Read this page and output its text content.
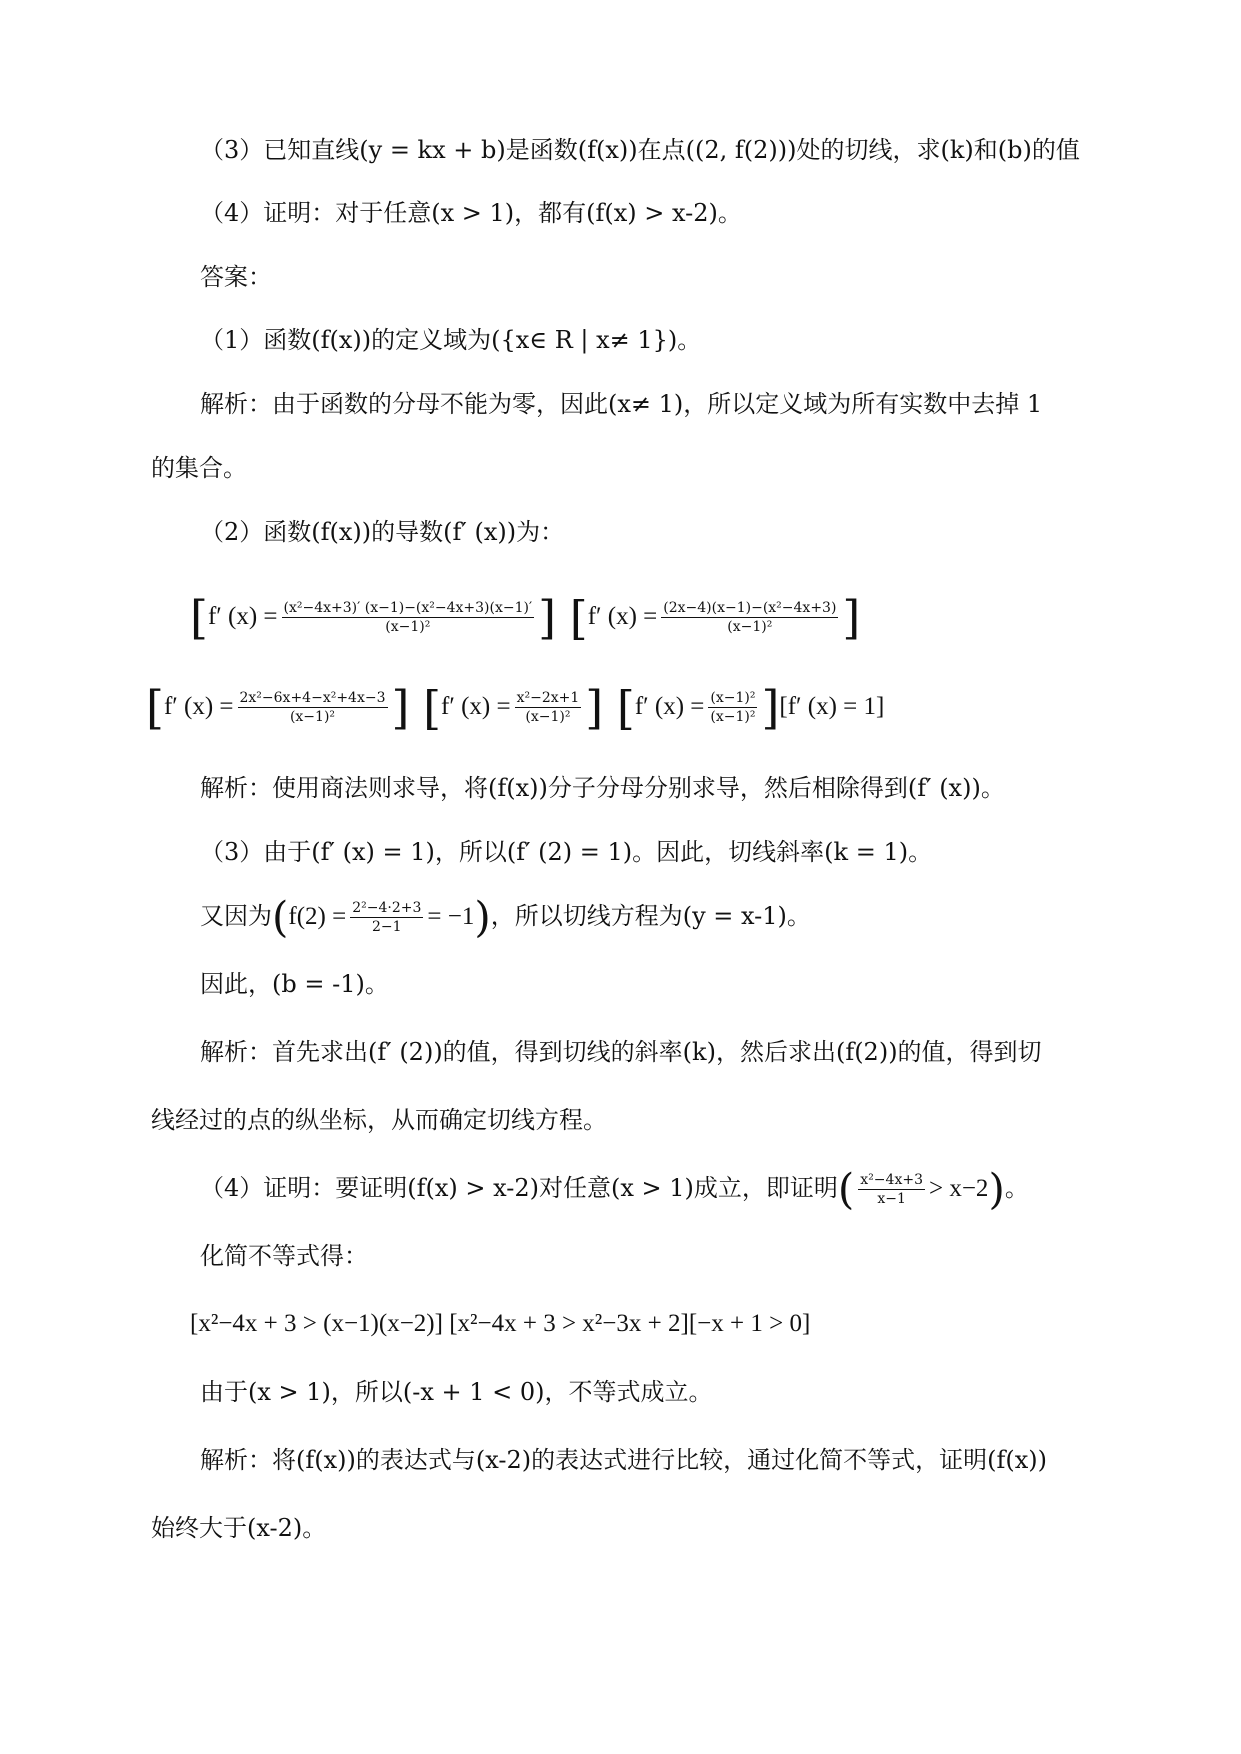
（3）已知直线(y = kx + b)是函数(f(x))在点((2, f(2)))处的切线，求(k)和(b)的值
（4）证明：对于任意(x > 1)，都有(f(x) > x-2)。
答案：
（1）函数(f(x))的定义域为({x∈ R | x≠ 1})。
解析：由于函数的分母不能为零，因此(x≠ 1)，所以定义域为所有实数中去掉 1
的集合。
（2）函数(f(x))的导数(f′ (x))为：
[f′ $(x) = \frac{\text{(x²−4x+3)′ (x−1)−(x²−4x+3)(x−1)′}}{\text{(x−1)²}}$ ] [f′ $(x) = \frac{\text{(2x−4)(x−1)−(x²−4x+3)}}{\text{(x−1)²}}$ ]
[f′ $(x) = \frac{\text{2x²−6x+4−x²+4x−3}}{\text{(x−1)²}}$ ] [f′ $(x) = \frac{\text{x²−2x+1}}{\text{(x−1)²}}$ ] [f′ $(x) = \frac{\text{(x−1)²}}{\text{(x−1)²}} ][f'$ (x) = 1]
解析：使用商法则求导，将(f(x))分子分母分别求导，然后相除得到(f′ (x))。
（3）由于(f′ (x) = 1)，所以(f′ (2) = 1)。因此，切线斜率(k = 1)。
又因为$(f(2) = \frac{\text{2²−4·2+3}}{2-1} = -1)$，所以切线方程为(y = x-1)。
因此，(b = -1)。
解析：首先求出(f′ (2))的值，得到切线的斜率(k)，然后求出(f(2))的值，得到切
线经过的点的纵坐标，从而确定切线方程。
（4）证明：要证明(f(x) > x-2)对任意(x > 1)成立，即证明( $\frac{\text{x²−4x+3}}{x-1} > x-2$)。
化简不等式得：
[x²−4x + 3 > (x−1)(x−2)] [x²−4x + 3 > x²−3x + 2][−x + 1 > 0]
由于(x > 1)，所以(-x + 1 < 0)，不等式成立。
解析：将(f(x))的表达式与(x-2)的表达式进行比较，通过化简不等式，证明(f(x))
始终大于(x-2)。
